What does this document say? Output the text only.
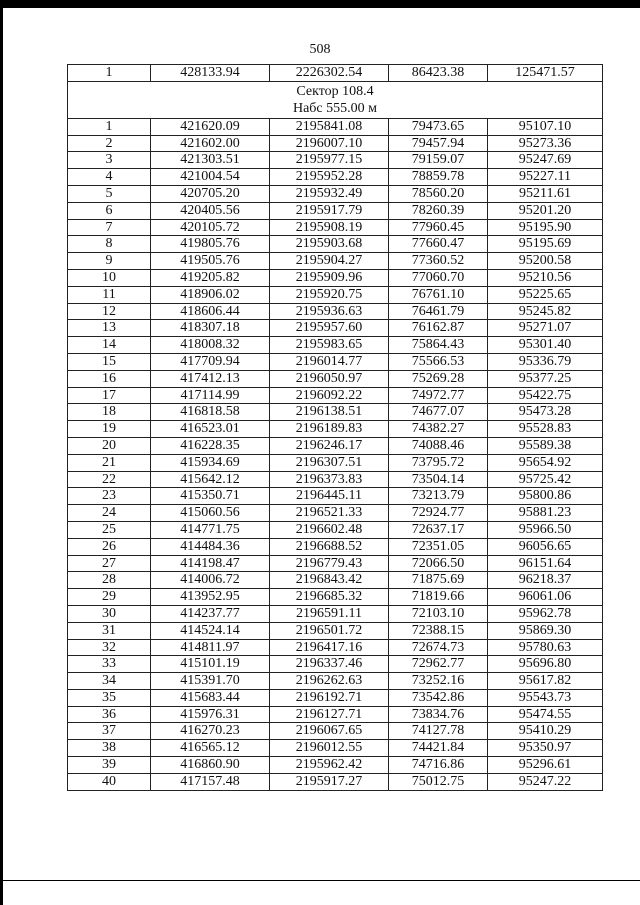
508
1	428133.94	2226302.54	86423.38	125471.57

Сектор 108.4
Набс 555.00 м				

1	421620.09	2195841.08	79473.65	95107.10
2	421602.00	2196007.10	79457.94	95273.36
3	421303.51	2195977.15	79159.07	95247.69
4	421004.54	2195952.28	78859.78	95227.11
5	420705.20	2195932.49	78560.20	95211.61
6	420405.56	2195917.79	78260.39	95201.20
7	420105.72	2195908.19	77960.45	95195.90
8	419805.76	2195903.68	77660.47	95195.69
9	419505.76	2195904.27	77360.52	95200.58
10	419205.82	2195909.96	77060.70	95210.56
11	418906.02	2195920.75	76761.10	95225.65
12	418606.44	2195936.63	76461.79	95245.82
13	418307.18	2195957.60	76162.87	95271.07
14	418008.32	2195983.65	75864.43	95301.40
15	417709.94	2196014.77	75566.53	95336.79
16	417412.13	2196050.97	75269.28	95377.25
17	417114.99	2196092.22	74972.77	95422.75
18	416818.58	2196138.51	74677.07	95473.28
19	416523.01	2196189.83	74382.27	95528.83
20	416228.35	2196246.17	74088.46	95589.38
21	415934.69	2196307.51	73795.72	95654.92
22	415642.12	2196373.83	73504.14	95725.42
23	415350.71	2196445.11	73213.79	95800.86
24	415060.56	2196521.33	72924.77	95881.23
25	414771.75	2196602.48	72637.17	95966.50
26	414484.36	2196688.52	72351.05	96056.65
27	414198.47	2196779.43	72066.50	96151.64
28	414006.72	2196843.42	71875.69	96218.37
29	413952.95	2196685.32	71819.66	96061.06
30	414237.77	2196591.11	72103.10	95962.78
31	414524.14	2196501.72	72388.15	95869.30
32	414811.97	2196417.16	72674.73	95780.63
33	415101.19	2196337.46	72962.77	95696.80
34	415391.70	2196262.63	73252.16	95617.82
35	415683.44	2196192.71	73542.86	95543.73
36	415976.31	2196127.71	73834.76	95474.55
37	416270.23	2196067.65	74127.78	95410.29
38	416565.12	2196012.55	74421.84	95350.97
39	416860.90	2195962.42	74716.86	95296.61
40	417157.48	2195917.27	75012.75	95247.22
